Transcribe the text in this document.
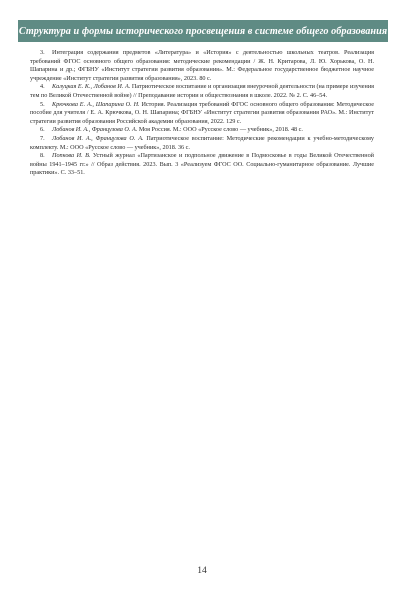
Структура и формы исторического просвещения в системе общего образования

3. Интеграция содержания предметов «Литература» и «История» с деятельностью школьных театров. Реализация требований ФГОС основного общего образования: методические рекомендации / Ж. Н. Критарова, Л. Ю. Хорькова, О. Н. Шапарина и др.; ФГБНУ «Институт стратегии развития образования». М.: Федеральное государственное бюджетное научное учреждение «Институт стратегии развития образования», 2023. 80 с.

4. Калуцкая Е. К., Лобанов И. А. Патриотическое воспитание и организация внеурочной деятельности (на примере изучения тем по Великой Отечественной войне) // Преподавание истории и обществознания в школе. 2022. № 2. С. 46–54.

5. Крючкова Е. А., Шапарина О. Н. История. Реализация требований ФГОС основного общего образования: Методическое пособие для учителя / Е. А. Крючкова, О. Н. Шапарина; ФГБНУ «Институт стратегии развития образования РАО». М.: Институт стратегии развития образования Российской академии образования, 2022. 129 с.

6. Лобанов И. А., Французова О. А. Моя Россия. М.: ООО «Русское слово — учебник», 2018. 48 с.

7. Лобанов И. А., Французова О. А. Патриотическое воспитание: Методические рекомендации к учебно-методическому комплекту. М.: ООО «Русское слово — учебник», 2018. 36 с.

8. Попкова И. В. Устный журнал «Партизанское и подпольное движение в Подмосковье в годы Великой Отечественной войны 1941–1945 гг.» // Образ действия. 2023. Вып. 3 «Реализуем ФГОС ОО. Социально-гуманитарное образование. Лучшие практики». С. 33–51.

14
